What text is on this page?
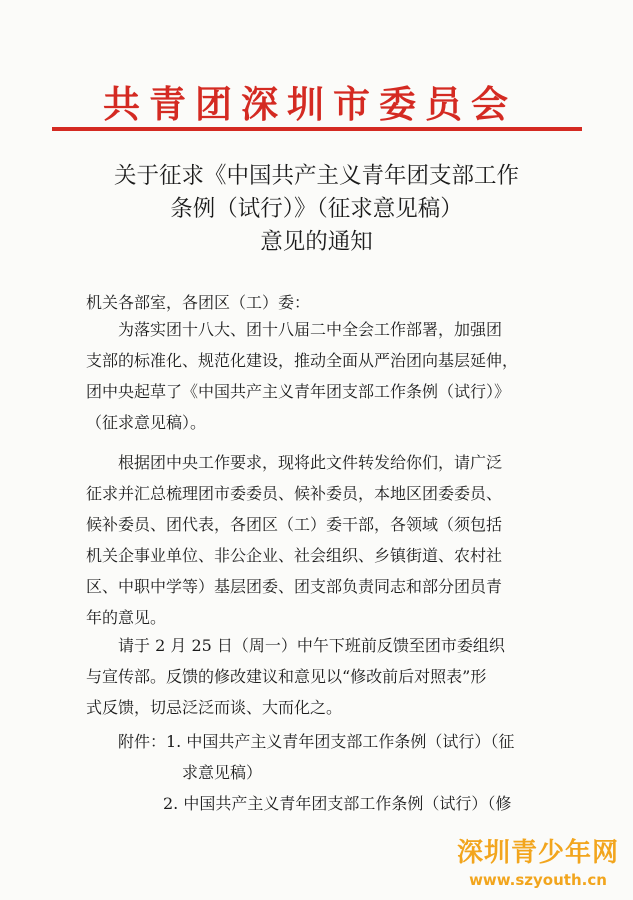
共青团深圳市委员会
关于征求《中国共产主义青年团支部工作
条例（试行）》（征求意见稿）
意见的通知
机关各部室，各团区（工）委：
为落实团十八大、团十八届二中全会工作部署，加强团
支部的标准化、规范化建设，推动全面从严治团向基层延伸，
团中央起草了《中国共产主义青年团支部工作条例（试行）》
（征求意见稿）。
根据团中央工作要求，现将此文件转发给你们，请广泛
征求并汇总梳理团市委委员、候补委员，本地区团委委员、
候补委员、团代表，各团区（工）委干部，各领域（须包括
机关企事业单位、非公企业、社会组织、乡镇街道、农村社
区、中职中学等）基层团委、团支部负责同志和部分团员青
年的意见。
请于 2 月 25 日（周一）中午下班前反馈至团市委组织
与宣传部。反馈的修改建议和意见以“修改前后对照表”形
式反馈，切忌泛泛而谈、大而化之。
附件：1. 中国共产主义青年团支部工作条例（试行）（征
求意见稿）
2. 中国共产主义青年团支部工作条例（试行）（修
深圳青少年网
www.szyouth.cn
